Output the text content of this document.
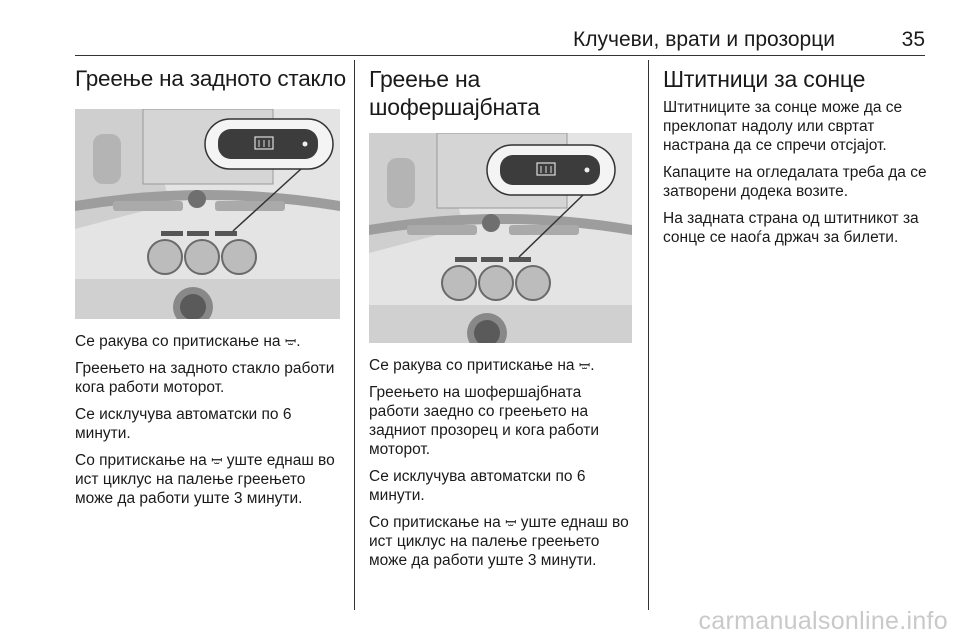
Клучеви, врати и прозорци	35
Греење на задното стакло

Се ракува со притискање на ꟷ̫.

Греењето на задното стакло работи кога работи моторот.

Се исклучува автоматски по 6 минути.

Со притискање на ꟷ̫ уште еднаш во ист циклус на палење греењето може да работи уште 3 минути.

Греење на
шофершајбната

Се ракува со притискање на ꟷ̫.

Греењето на шофершајбната работи заедно со греењето на задниот прозорец и кога работи моторот.

Се исклучува автоматски по 6 минути.

Со притискање на ꟷ̫ уште еднаш во ист циклус на палење греењето може да работи уште 3 минути.

Штитници за сонце

Штитниците за сонце може да се преклопат надолу или свртат настрана да се спречи отсјајот.

Капаците на огледалата треба да се затворени додека возите.

На задната страна од штитникот за сонце се наоѓа држач за билети.

carmanualsonline.info
